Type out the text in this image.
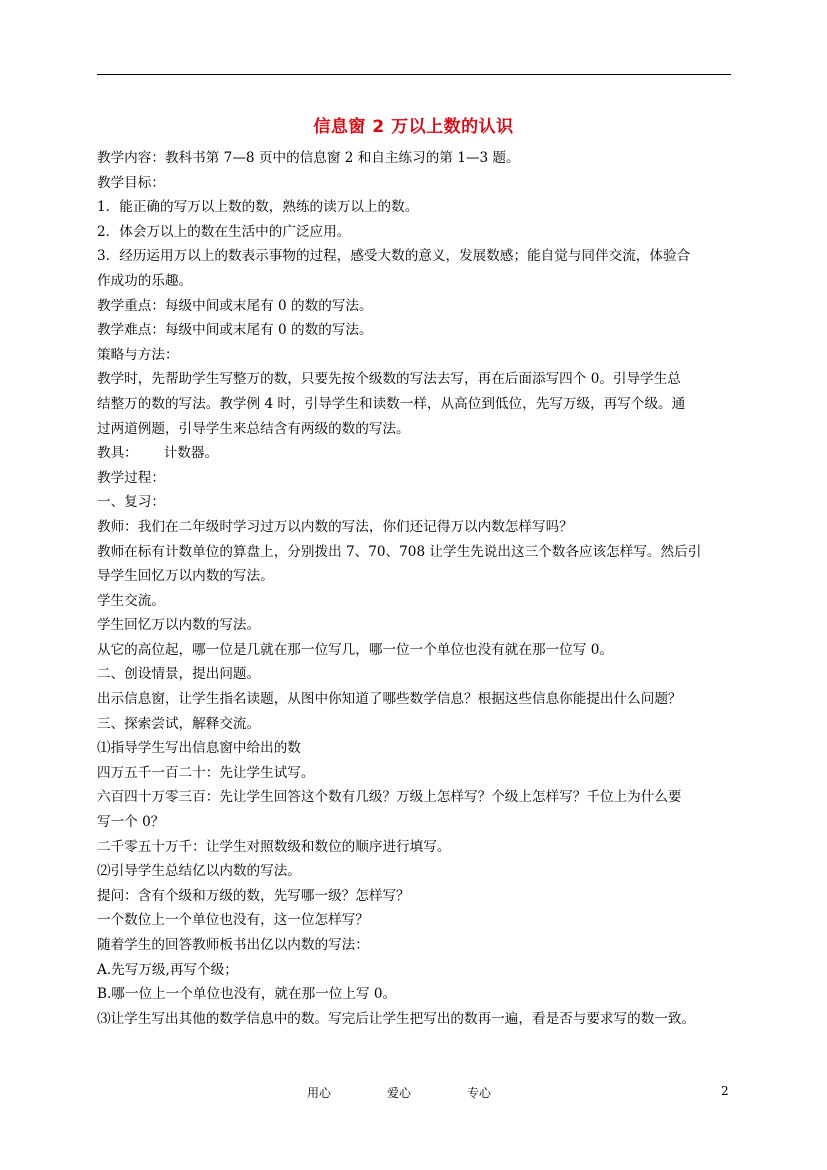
信息窗 2 万以上数的认识
教学内容：教科书第 7—8 页中的信息窗 2 和自主练习的第 1—3 题。
教学目标：
1．能正确的写万以上数的数，熟练的读万以上的数。
2．体会万以上的数在生活中的广泛应用。
3．经历运用万以上的数表示事物的过程，感受大数的意义，发展数感；能自觉与同伴交流，体验合
作成功的乐趣。
教学重点：每级中间或末尾有 0 的数的写法。
教学难点：每级中间或末尾有 0 的数的写法。
策略与方法：
教学时，先帮助学生写整万的数，只要先按个级数的写法去写，再在后面添写四个 0。引导学生总
结整万的数的写法。教学例 4 时，引导学生和读数一样，从高位到低位，先写万级，再写个级。通
过两道例题，引导学生来总结含有两级的数的写法。
教具：      计数器。
教学过程：
一、复习：
教师：我们在二年级时学习过万以内数的写法，你们还记得万以内数怎样写吗？
教师在标有计数单位的算盘上，分别拨出 7、70、708 让学生先说出这三个数各应该怎样写。然后引
导学生回忆万以内数的写法。
学生交流。
学生回忆万以内数的写法。
从它的高位起，哪一位是几就在那一位写几，哪一位一个单位也没有就在那一位写 0。
二、创设情景，提出问题。
出示信息窗，让学生指名读题，从图中你知道了哪些数学信息？根据这些信息你能提出什么问题？
三、探索尝试，解释交流。
⑴指导学生写出信息窗中给出的数
四万五千一百二十：先让学生试写。
六百四十万零三百：先让学生回答这个数有几级？万级上怎样写？个级上怎样写？千位上为什么要
写一个 0？
二千零五十万千：让学生对照数级和数位的顺序进行填写。
⑵引导学生总结亿以内数的写法。
提问：含有个级和万级的数，先写哪一级？怎样写？
一个数位上一个单位也没有，这一位怎样写？
随着学生的回答教师板书出亿以内数的写法：
A.先写万级,再写个级；
B.哪一位上一个单位也没有，就在那一位上写 0。
⑶让学生写出其他的数学信息中的数。写完后让学生把写出的数再一遍，看是否与要求写的数一致。
用心	爱心	专心	2
